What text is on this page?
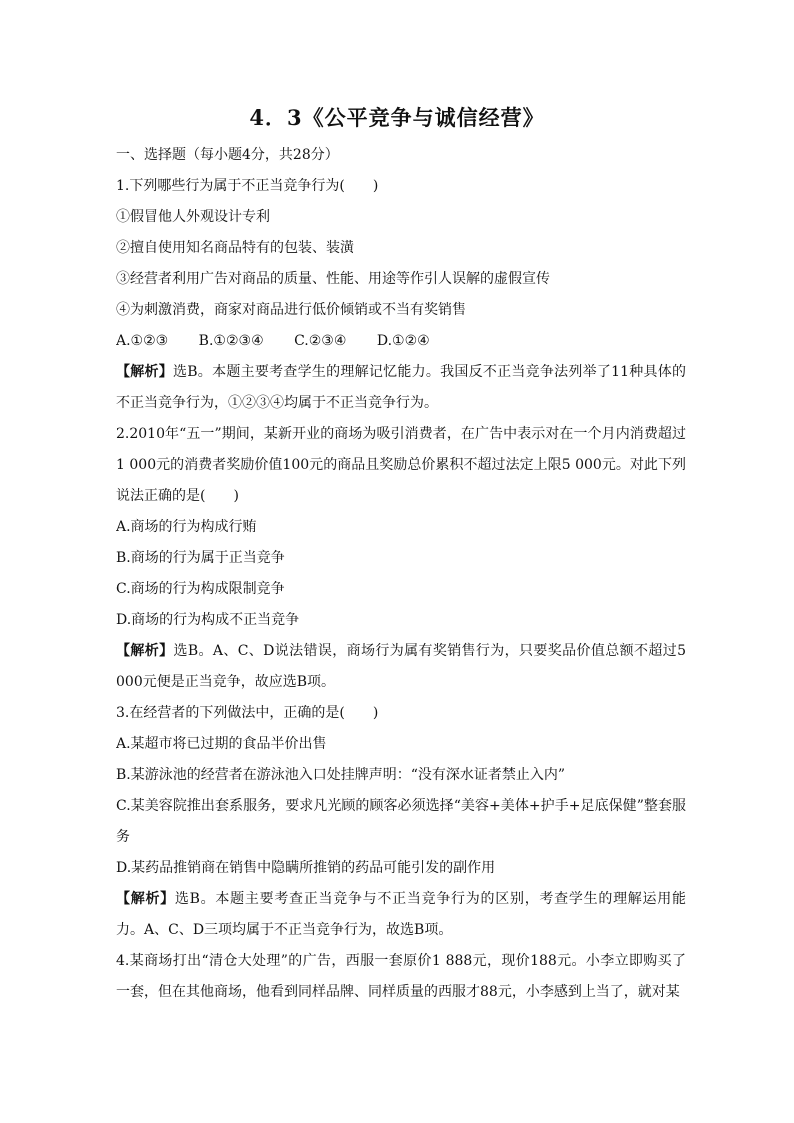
4．3《公平竞争与诚信经营》
一、选择题（每小题4分，共28分）
1.下列哪些行为属于不正当竞争行为(　　)
①假冒他人外观设计专利
②擅自使用知名商品特有的包装、装潢
③经营者利用广告对商品的质量、性能、用途等作引人误解的虚假宣传
④为刺激消费，商家对商品进行低价倾销或不当有奖销售
A.①②③ B.①②③④ C.②③④ D.①②④
【解析】选B。本题主要考查学生的理解记忆能力。我国反不正当竞争法列举了11种具体的不正当竞争行为，①②③④均属于不正当竞争行为。
2.2010年“五一”期间，某新开业的商场为吸引消费者，在广告中表示对在一个月内消费超过1 000元的消费者奖励价值100元的商品且奖励总价累积不超过法定上限5 000元。对此下列说法正确的是(　　)
A.商场的行为构成行贿
B.商场的行为属于正当竞争
C.商场的行为构成限制竞争
D.商场的行为构成不正当竞争
【解析】选B。A、C、D说法错误，商场行为属有奖销售行为，只要奖品价值总额不超过5 000元便是正当竞争，故应选B项。
3.在经营者的下列做法中，正确的是(　　)
A.某超市将已过期的食品半价出售
B.某游泳池的经营者在游泳池入口处挂牌声明：“没有深水证者禁止入内”
C.某美容院推出套系服务，要求凡光顾的顾客必须选择“美容+美体+护手+足底保健”整套服务
D.某药品推销商在销售中隐瞒所推销的药品可能引发的副作用
【解析】选B。本题主要考查正当竞争与不正当竞争行为的区别，考查学生的理解运用能力。A、C、D三项均属于不正当竞争行为，故选B项。
4.某商场打出“清仓大处理”的广告，西服一套原价1 888元，现价188元。小李立即购买了一套，但在其他商场，他看到同样品牌、同样质量的西服才88元，小李感到上当了，就对某
